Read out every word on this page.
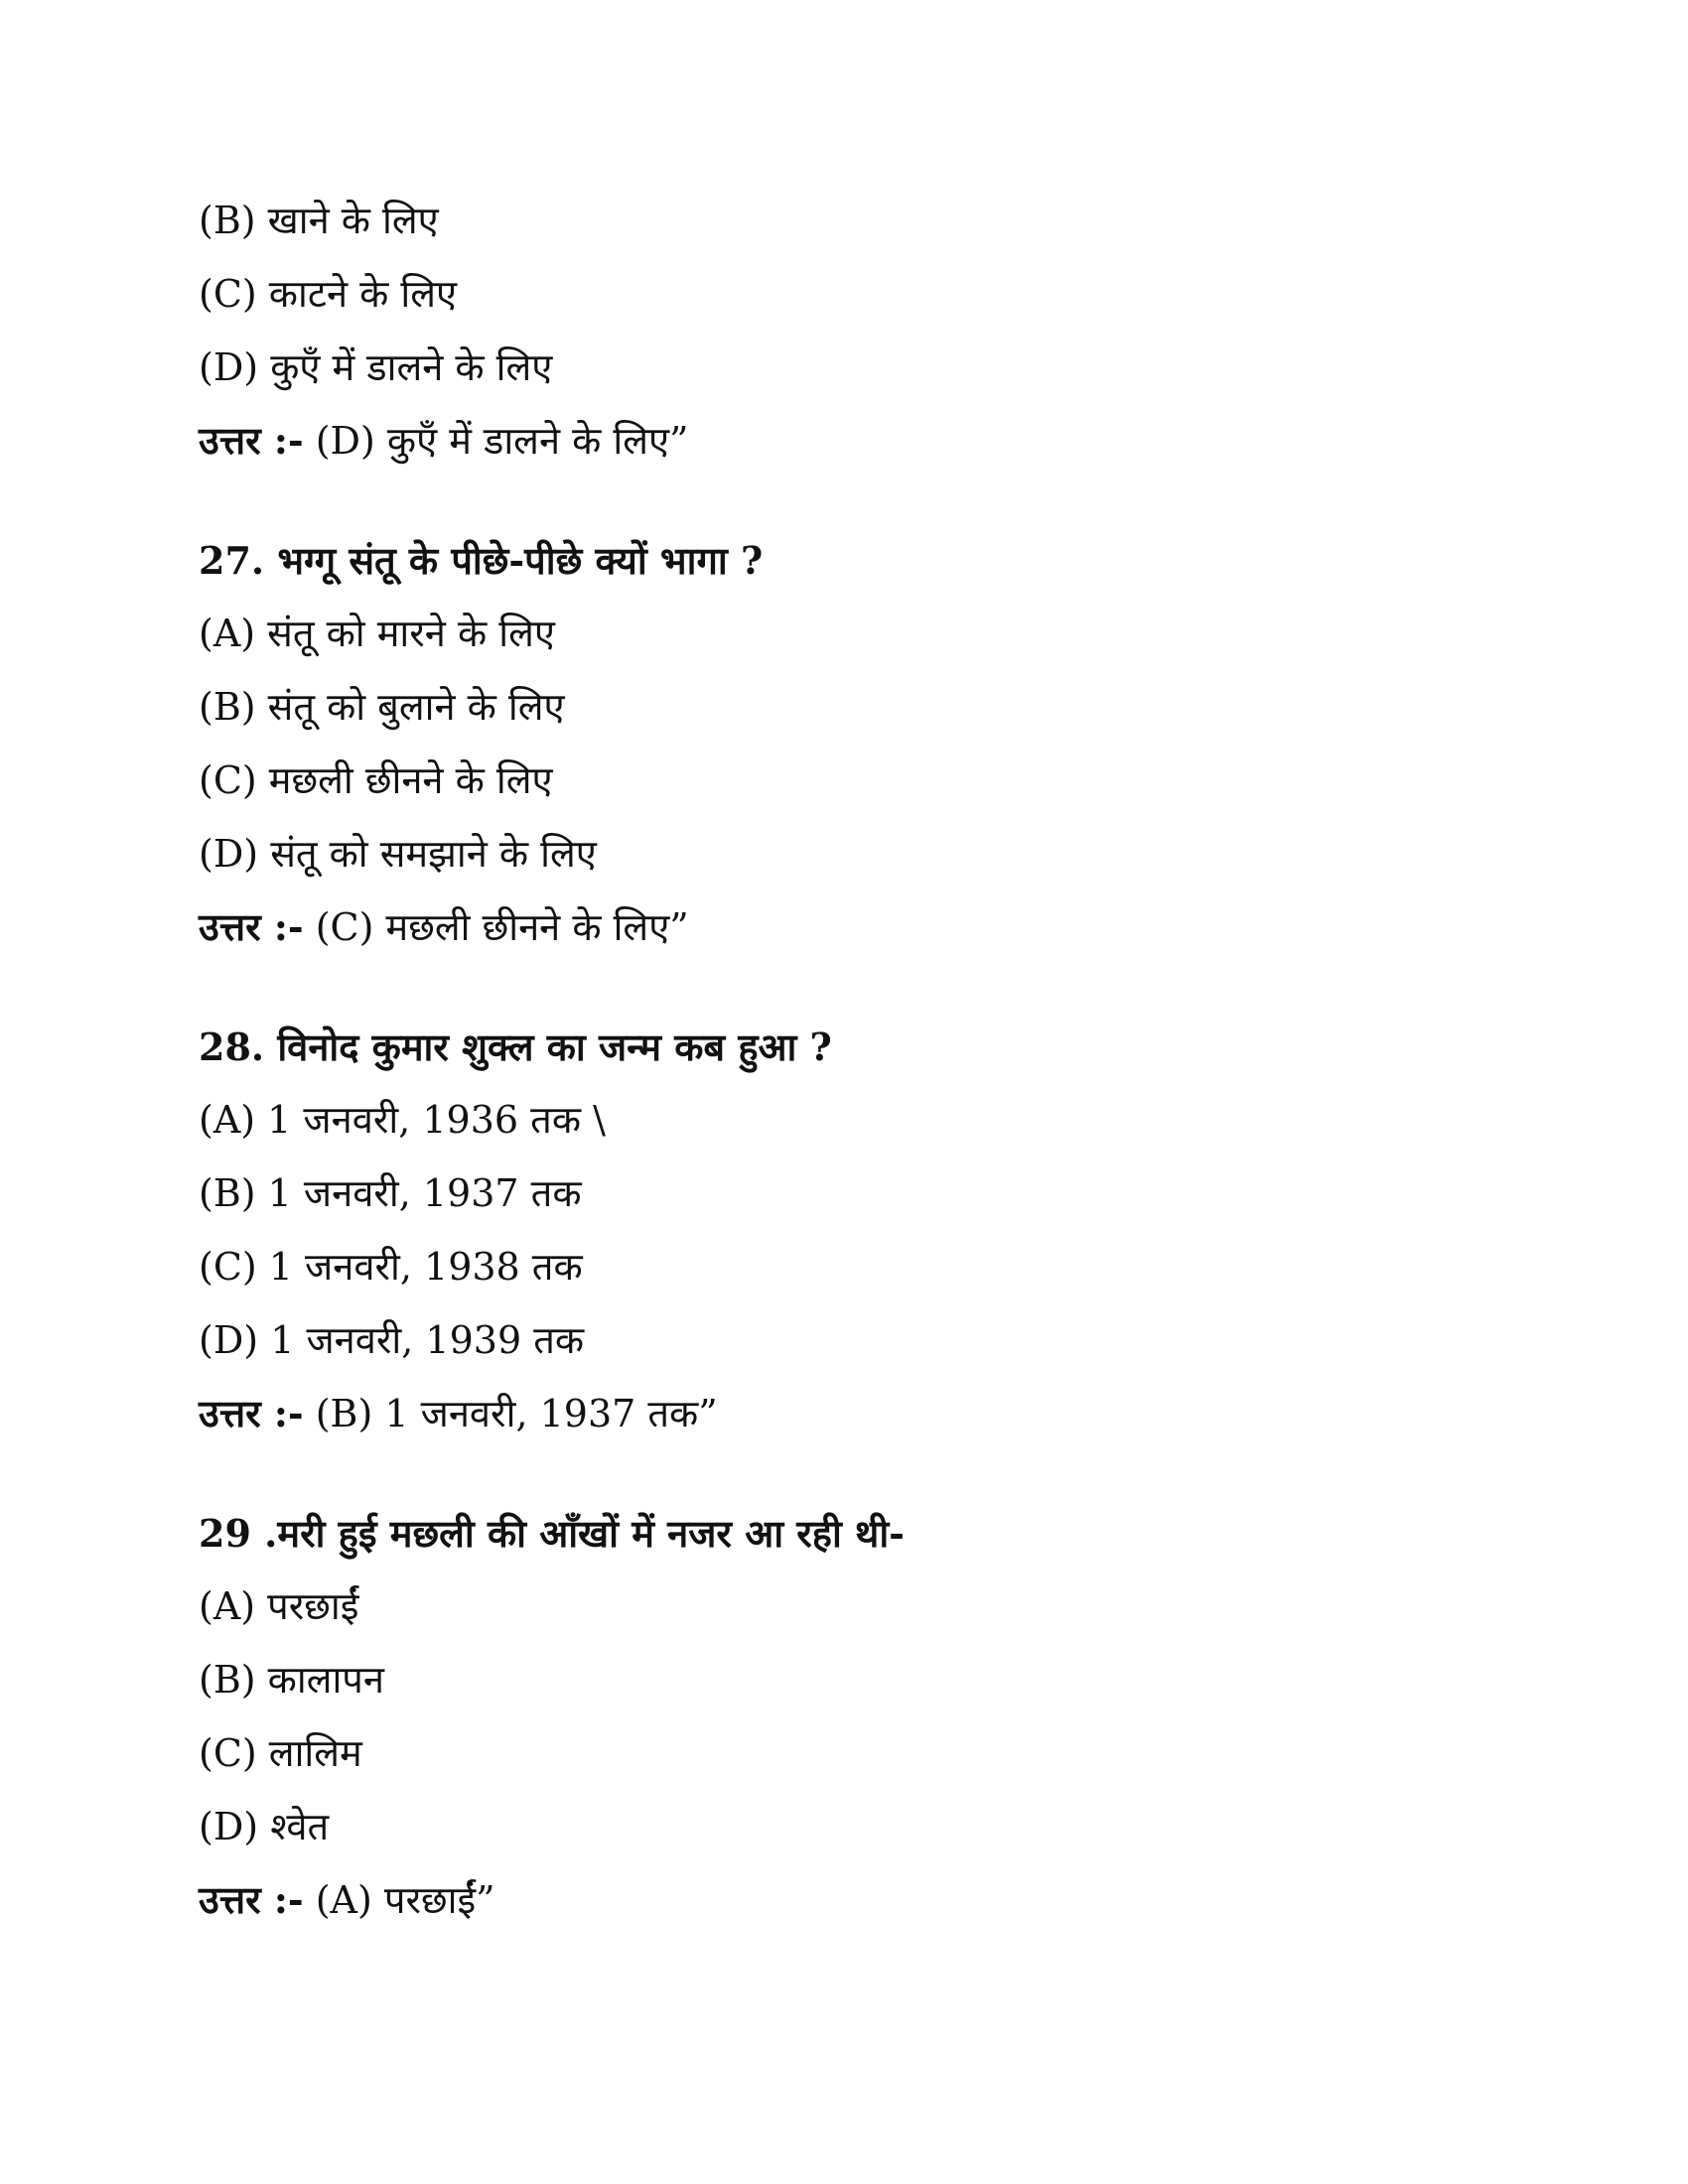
(B) खाने के लिए
(C) काटने के लिए
(D) कुएँ में डालने के लिए
उत्तर :- (D) कुएँ में डालने के लिए”
27. भग्गू संतू के पीछे-पीछे क्यों भागा ?
(A) संतू को मारने के लिए
(B) संतू को बुलाने के लिए
(C) मछली छीनने के लिए
(D) संतू को समझाने के लिए
उत्तर :- (C) मछली छीनने के लिए”
28. विनोद कुमार शुक्ल का जन्म कब हुआ ?
(A) 1 जनवरी, 1936 तक \
(B) 1 जनवरी, 1937 तक
(C) 1 जनवरी, 1938 तक
(D) 1 जनवरी, 1939 तक
उत्तर :- (B) 1 जनवरी, 1937 तक”
29 .मरी हुई मछली की आँखों में नजर आ रही थी-
(A) परछाईं
(B) कालापन
(C) लालिम
(D) श्वेत
उत्तर :- (A) परछाईं”
